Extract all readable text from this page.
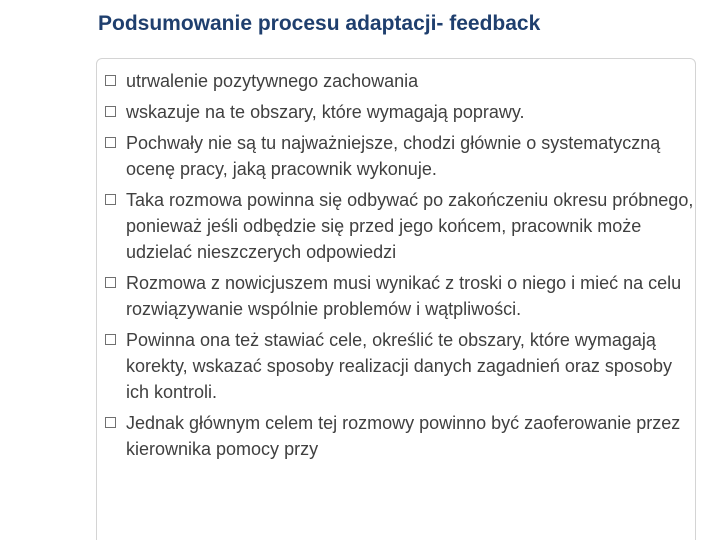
Podsumowanie procesu adaptacji- feedback
utrwalenie pozytywnego zachowania
wskazuje na te obszary, które wymagają poprawy.
Pochwały nie są tu najważniejsze, chodzi głównie o systematyczną ocenę pracy, jaką pracownik wykonuje.
Taka rozmowa powinna się odbywać po zakończeniu okresu próbnego, ponieważ jeśli odbędzie się przed jego końcem, pracownik może udzielać nieszczerych odpowiedzi
Rozmowa z nowicjuszem musi wynikać z troski o niego i mieć na celu rozwiązywanie wspólnie problemów i wątpliwości.
Powinna ona też stawiać cele, określić te obszary, które wymagają korekty, wskazać sposoby realizacji danych zagadnień oraz sposoby ich kontroli.
Jednak głównym celem tej rozmowy powinno być zaoferowanie przez kierownika pomocy przy
